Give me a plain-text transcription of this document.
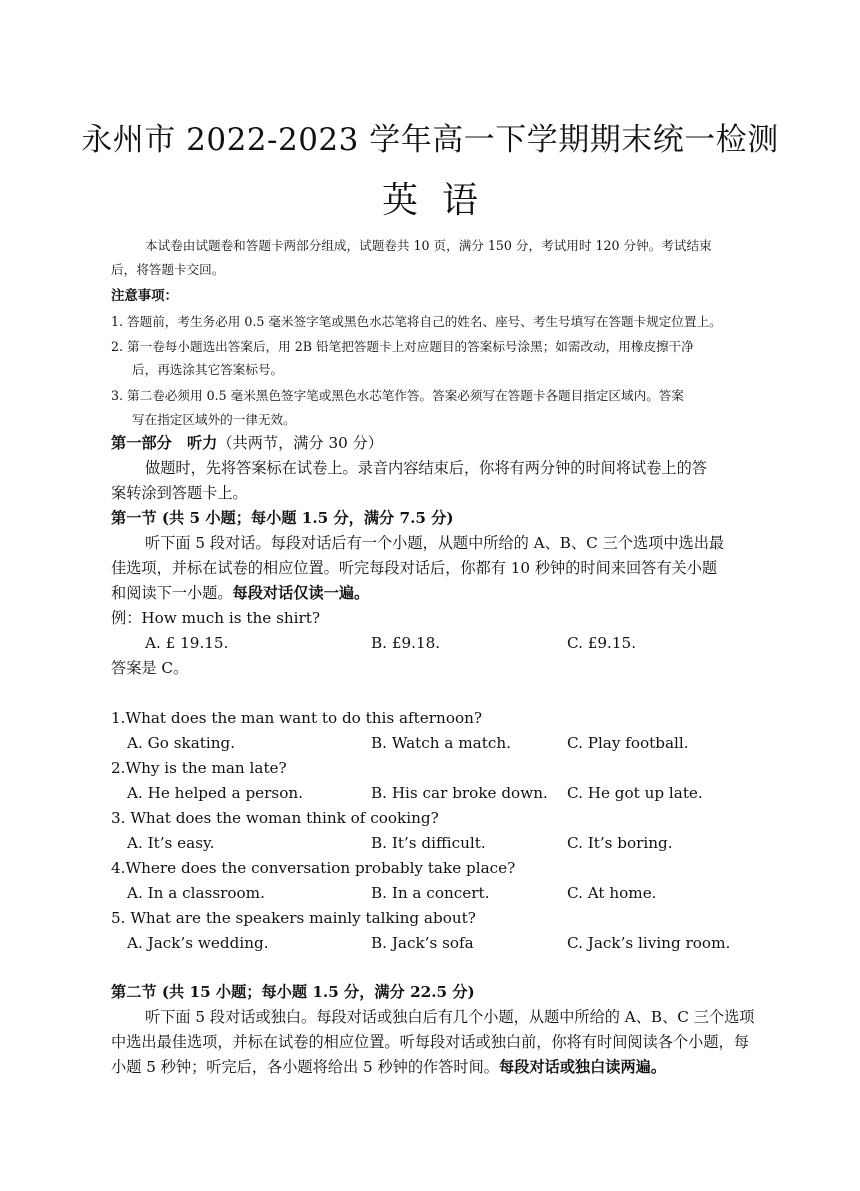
永州市 2022-2023 学年高一下学期期末统一检测
英语
本试卷由试题卷和答题卡两部分组成，试题卷共 10 页，满分 150 分，考试用时 120 分钟。考试结束
后，将答题卡交回。
注意事项：
1. 答题前，考生务必用 0.5 毫米签字笔或黑色水芯笔将自己的姓名、座号、考生号填写在答题卡规定位置上。
2. 第一卷每小题选出答案后，用 2B 铅笔把答题卡上对应题目的答案标号涂黑；如需改动，用橡皮擦干净
后，再选涂其它答案标号。
3. 第二卷必须用 0.5 毫米黑色签字笔或黑色水芯笔作答。答案必须写在答题卡各题目指定区域内。答案
写在指定区域外的一律无效。
第一部分　听力（共两节，满分 30 分）
做题时，先将答案标在试卷上。录音内容结束后，你将有两分钟的时间将试卷上的答
案转涂到答题卡上。
第一节 (共 5 小题；每小题 1.5 分，满分 7.5 分)
听下面 5 段对话。每段对话后有一个小题，从题中所给的 A、B、C 三个选项中选出最
佳选项，并标在试卷的相应位置。听完每段对话后，你都有 10 秒钟的时间来回答有关小题
和阅读下一小题。每段对话仅读一遍。
例：How much is the shirt?
A. £ 19.15.	B. £9.18.	C. £9.15.
答案是 C。
1.What does the man want to do this afternoon?
A. Go skating.	B. Watch a match.	C. Play football.
2.Why is the man late?
A. He helped a person.	B. His car broke down. C. He got up late.
3. What does the woman think of cooking?
A. It’s easy.	B. It’s difficult.	C. It’s boring.
4.Where does the conversation probably take place?
A. In a classroom.	B. In a concert.	C. At home.
5. What are the speakers mainly talking about?
A. Jack’s wedding.	B. Jack’s sofa	C. Jack’s living room.
第二节 (共 15 小题；每小题 1.5 分，满分 22.5 分)
听下面 5 段对话或独白。每段对话或独白后有几个小题，从题中所给的 A、B、C 三个选项
中选出最佳选项，并标在试卷的相应位置。听每段对话或独白前，你将有时间阅读各个小题，每
小题 5 秒钟；听完后，各小题将给出 5 秒钟的作答时间。每段对话或独白读两遍。
